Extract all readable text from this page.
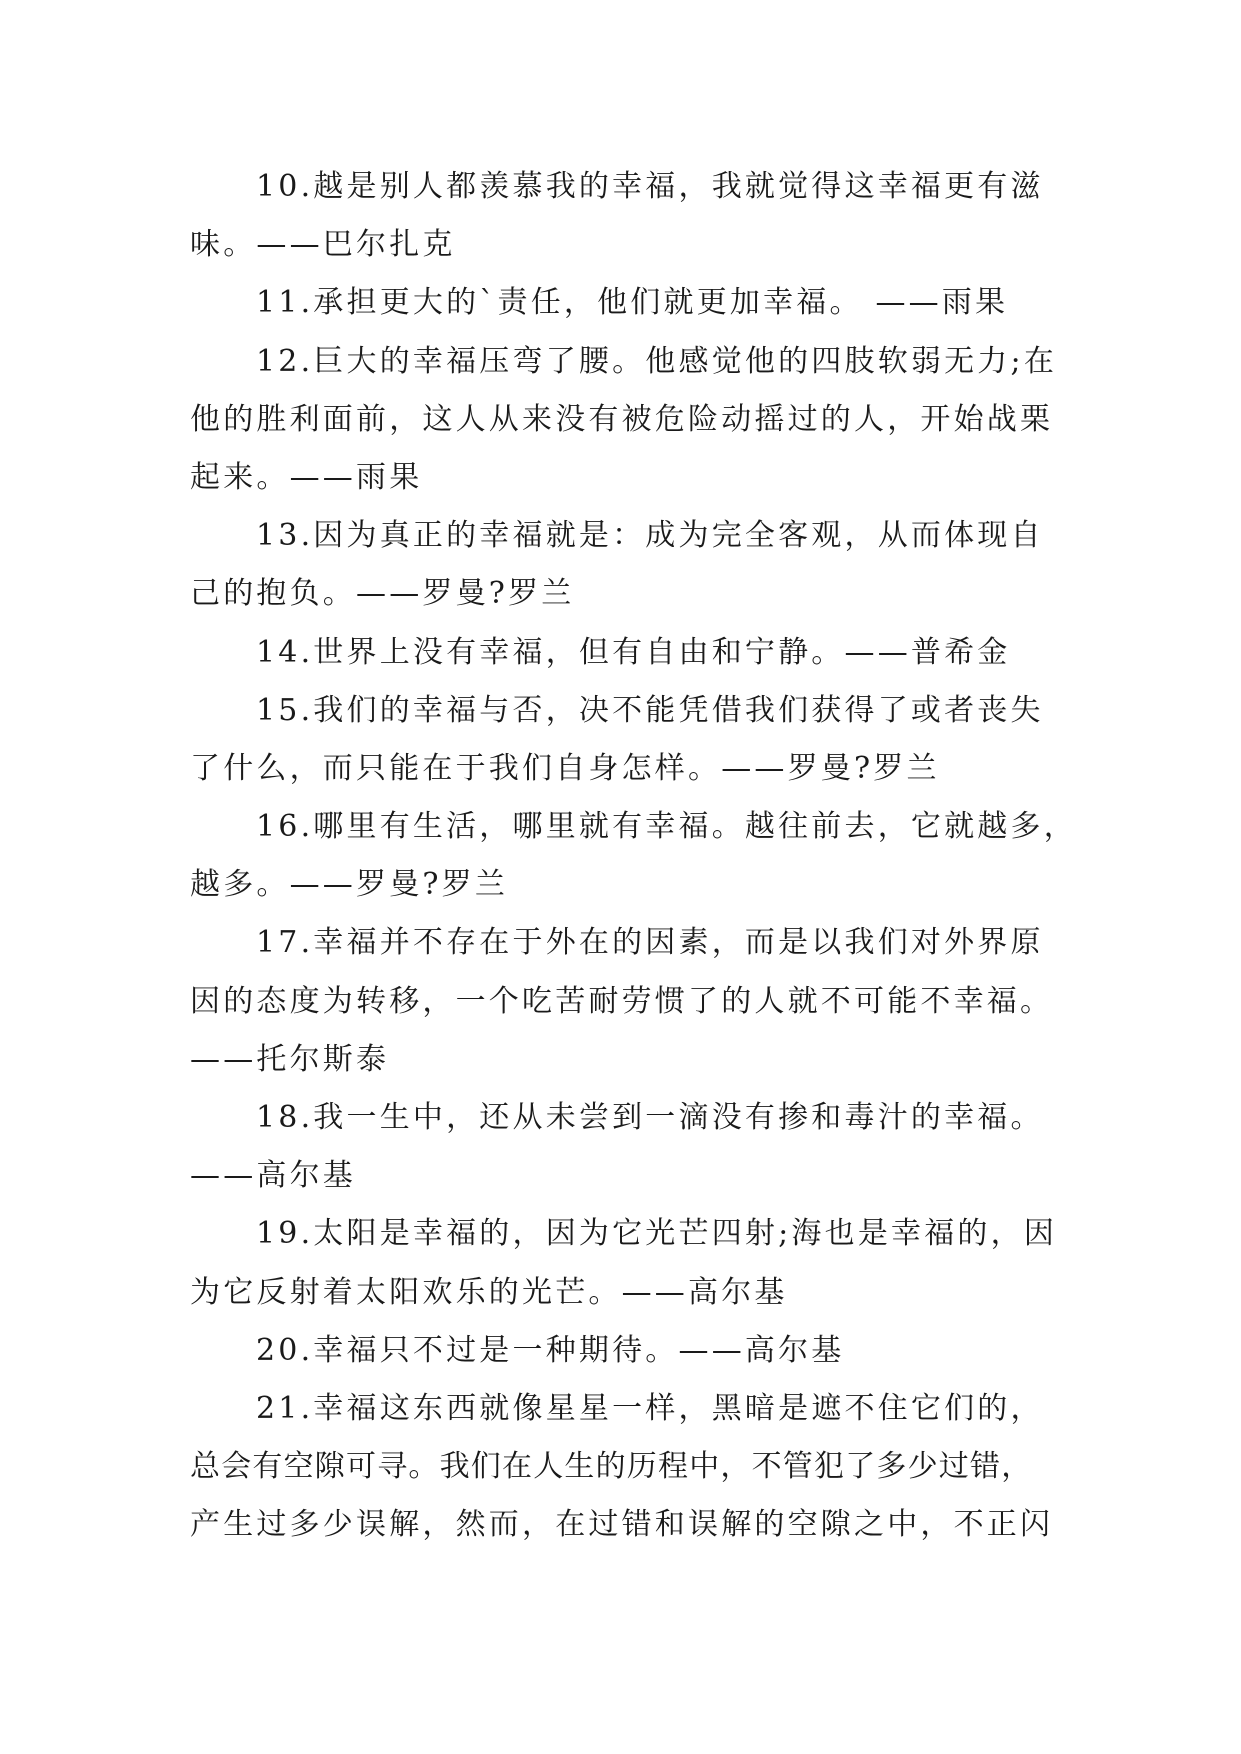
10.越是别人都羡慕我的幸福，我就觉得这幸福更有滋
味。——巴尔扎克
11.承担更大的`责任，他们就更加幸福。 ——雨果
12.巨大的幸福压弯了腰。他感觉他的四肢软弱无力;在
他的胜利面前，这人从来没有被危险动摇过的人，开始战栗
起来。——雨果
13.因为真正的幸福就是：成为完全客观，从而体现自
己的抱负。——罗曼?罗兰
14.世界上没有幸福，但有自由和宁静。——普希金
15.我们的幸福与否，决不能凭借我们获得了或者丧失
了什么，而只能在于我们自身怎样。——罗曼?罗兰
16.哪里有生活，哪里就有幸福。越往前去，它就越多，
越多。——罗曼?罗兰
17.幸福并不存在于外在的因素，而是以我们对外界原
因的态度为转移，一个吃苦耐劳惯了的人就不可能不幸福。
——托尔斯泰
18.我一生中，还从未尝到一滴没有掺和毒汁的幸福。
——高尔基
19.太阳是幸福的，因为它光芒四射;海也是幸福的，因
为它反射着太阳欢乐的光芒。——高尔基
20.幸福只不过是一种期待。——高尔基
21.幸福这东西就像星星一样，黑暗是遮不住它们的，
总会有空隙可寻。我们在人生的历程中，不管犯了多少过错，
产生过多少误解，然而，在过错和误解的空隙之中，不正闪
